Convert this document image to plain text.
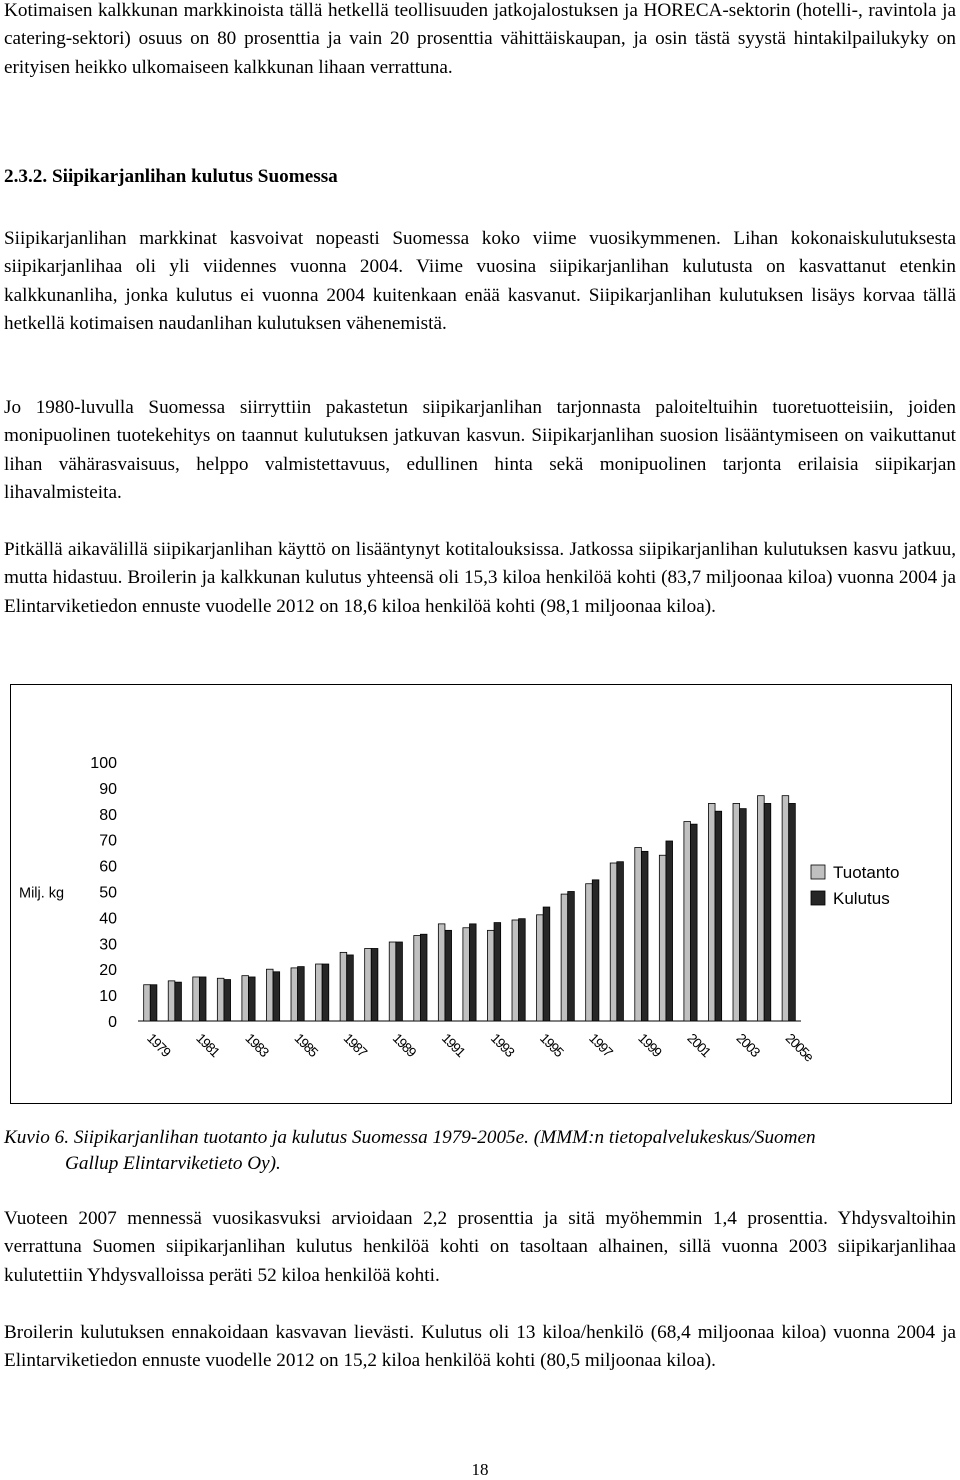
Kotimaisen kalkkunan markkinoista tällä hetkellä teollisuuden jatkojalostuksen ja HORECA-sektorin (hotelli-, ravintola ja catering-sektori) osuus on 80 prosenttia ja vain 20 prosenttia vähittäiskaupan, ja osin tästä syystä hintakilpailukyky on erityisen heikko ulkomaiseen kalkkunan lihaan verrattuna.

2.3.2. Siipikarjanlihan kulutus Suomessa

Siipikarjanlihan markkinat kasvoivat nopeasti Suomessa koko viime vuosikymmenen. Lihan kokonaiskulutuksesta siipikarjanlihaa oli yli viidennes vuonna 2004. Viime vuosina siipikarjanlihan kulutusta on kasvattanut etenkin kalkkunanliha, jonka kulutus ei vuonna 2004 kuitenkaan enää kasvanut. Siipikarjanlihan kulutuksen lisäys korvaa tällä hetkellä kotimaisen naudanlihan kulutuksen vähenemistä.

Jo 1980-luvulla Suomessa siirryttiin pakastetun siipikarjanlihan tarjonnasta paloiteltuihin tuoretuotteisiin, joiden monipuolinen tuotekehitys on taannut kulutuksen jatkuvan kasvun. Siipikarjanlihan suosion lisääntymiseen on vaikuttanut lihan vähärasvaisuus, helppo valmistettavuus, edullinen hinta sekä monipuolinen tarjonta erilaisia siipikarjan lihavalmisteita.

Pitkällä aikavälillä siipikarjanlihan käyttö on lisääntynyt kotitalouksissa. Jatkossa siipikarjanlihan kulutuksen kasvu jatkuu, mutta hidastuu. Broilerin ja kalkkunan kulutus yhteensä oli 15,3 kiloa henkilöä kohti (83,7 miljoonaa kiloa) vuonna 2004 ja Elintarviketiedon ennuste vuodelle 2012 on 18,6 kiloa henkilöä kohti (98,1 miljoonaa kiloa).

0
10
20
30
40
50
60
70
80
90
100
Milj. kg
1979 1981 1983 1985 1987 1989 1991 1993 1995 1997 1999 2001 2003 2005e
Tuotanto
Kulutus

Kuvio 6. Siipikarjanlihan tuotanto ja kulutus Suomessa 1979-2005e. (MMM:n tietopalvelukeskus/Suomen
Gallup Elintarviketieto Oy).

Vuoteen 2007 mennessä vuosikasvuksi arvioidaan 2,2 prosenttia ja sitä myöhemmin 1,4 prosenttia. Yhdysvaltoihin verrattuna Suomen siipikarjanlihan kulutus henkilöä kohti on tasoltaan alhainen, sillä vuonna 2003 siipikarjanlihaa kulutettiin Yhdysvalloissa peräti 52 kiloa henkilöä kohti.

Broilerin kulutuksen ennakoidaan kasvavan lievästi. Kulutus oli 13 kiloa/henkilö (68,4 miljoonaa kiloa) vuonna 2004 ja Elintarviketiedon ennuste vuodelle 2012 on 15,2 kiloa henkilöä kohti (80,5 miljoonaa kiloa).

18
